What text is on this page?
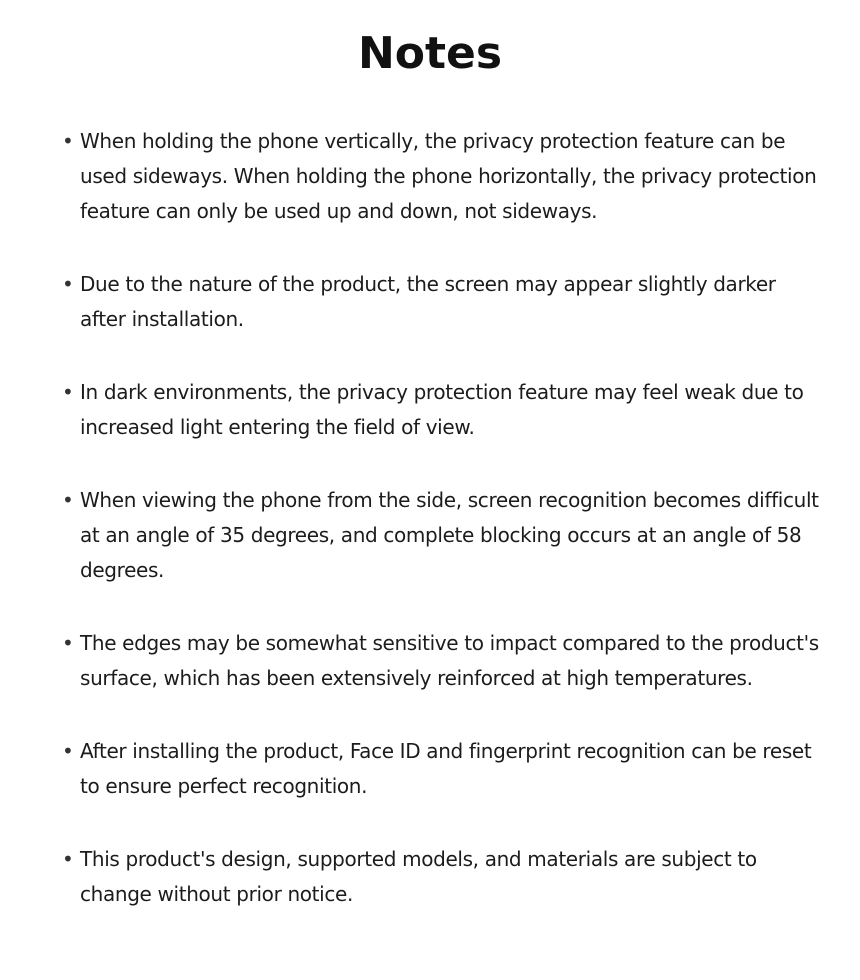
Notes
• When holding the phone vertically, the privacy protection feature can be used sideways. When holding the phone horizontally, the privacy protection feature can only be used up and down, not sideways.
• Due to the nature of the product, the screen may appear slightly darker after installation.
• In dark environments, the privacy protection feature may feel weak due to increased light entering the field of view.
• When viewing the phone from the side, screen recognition becomes difficult at an angle of 35 degrees, and complete blocking occurs at an angle of 58 degrees.
• The edges may be somewhat sensitive to impact compared to the product's surface, which has been extensively reinforced at high temperatures.
• After installing the product, Face ID and fingerprint recognition can be reset to ensure perfect recognition.
• This product's design, supported models, and materials are subject to change without prior notice.
